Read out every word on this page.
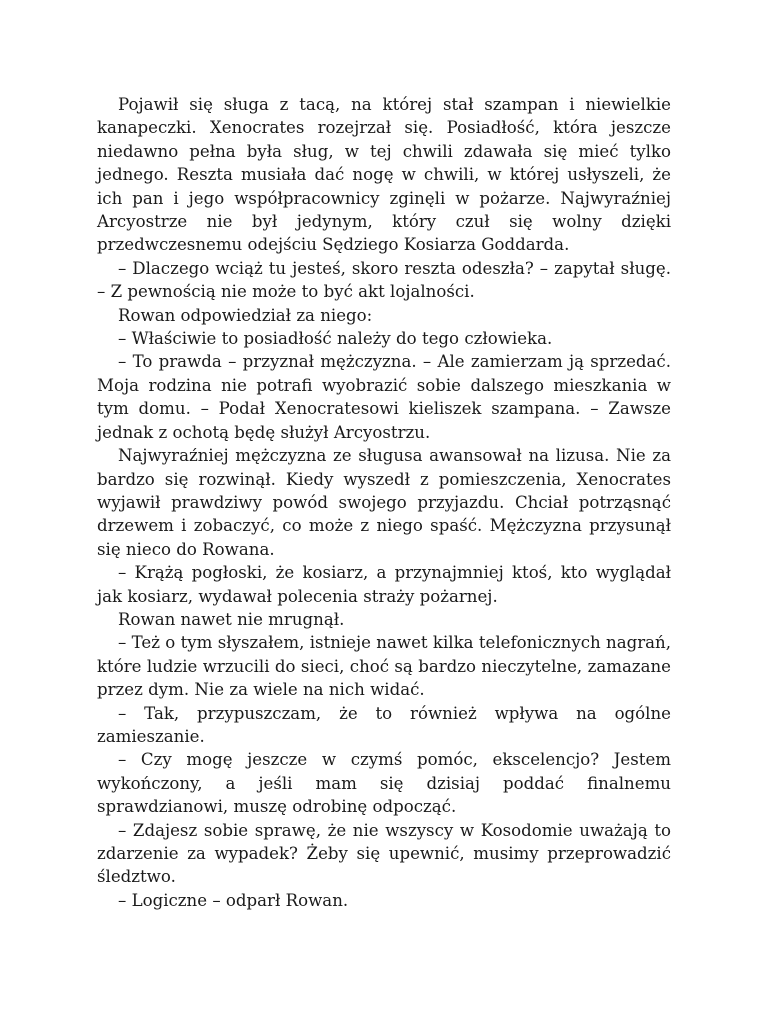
Pojawił się sługa z tacą, na której stał szampan i niewielkie kanapeczki. Xenocrates rozejrzał się. Posiadłość, która jeszcze niedawno pełna była sług, w tej chwili zdawała się mieć tylko jednego. Reszta musiała dać nogę w chwili, w której usłyszeli, że ich pan i jego współpracownicy zginęli w pożarze. Najwyraźniej Arcyostrze nie był jedynym, który czuł się wolny dzięki przedwczesnemu odejściu Sędziego Kosiarza Goddarda.

– Dlaczego wciąż tu jesteś, skoro reszta odeszła? – zapytał sługę. – Z pewnością nie może to być akt lojalności.

Rowan odpowiedział za niego:

– Właściwie to posiadłość należy do tego człowieka.

– To prawda – przyznał mężczyzna. – Ale zamierzam ją sprzedać. Moja rodzina nie potrafi wyobrazić sobie dalszego mieszkania w tym domu. – Podał Xenocratesowi kieliszek szampana. – Zawsze jednak z ochotą będę służył Arcyostrzu.

Najwyraźniej mężczyzna ze sługusa awansował na lizusa. Nie za bardzo się rozwinął. Kiedy wyszedł z pomieszczenia, Xenocrates wyjawił prawdziwy powód swojego przyjazdu. Chciał potrząsnąć drzewem i zobaczyć, co może z niego spaść. Mężczyzna przysunął się nieco do Rowana.

– Krążą pogłoski, że kosiarz, a przynajmniej ktoś, kto wyglądał jak kosiarz, wydawał polecenia straży pożarnej.

Rowan nawet nie mrugnął.

– Też o tym słyszałem, istnieje nawet kilka telefonicznych nagrań, które ludzie wrzucili do sieci, choć są bardzo nieczytelne, zamazane przez dym. Nie za wiele na nich widać.

– Tak, przypuszczam, że to również wpływa na ogólne zamieszanie.

– Czy mogę jeszcze w czymś pomóc, ekscelencjo? Jestem wykończony, a jeśli mam się dzisiaj poddać finalnemu sprawdzianowi, muszę odrobinę odpocząć.

– Zdajesz sobie sprawę, że nie wszyscy w Kosodomie uważają to zdarzenie za wypadek? Żeby się upewnić, musimy przeprowadzić śledztwo.

– Logiczne – odparł Rowan.
